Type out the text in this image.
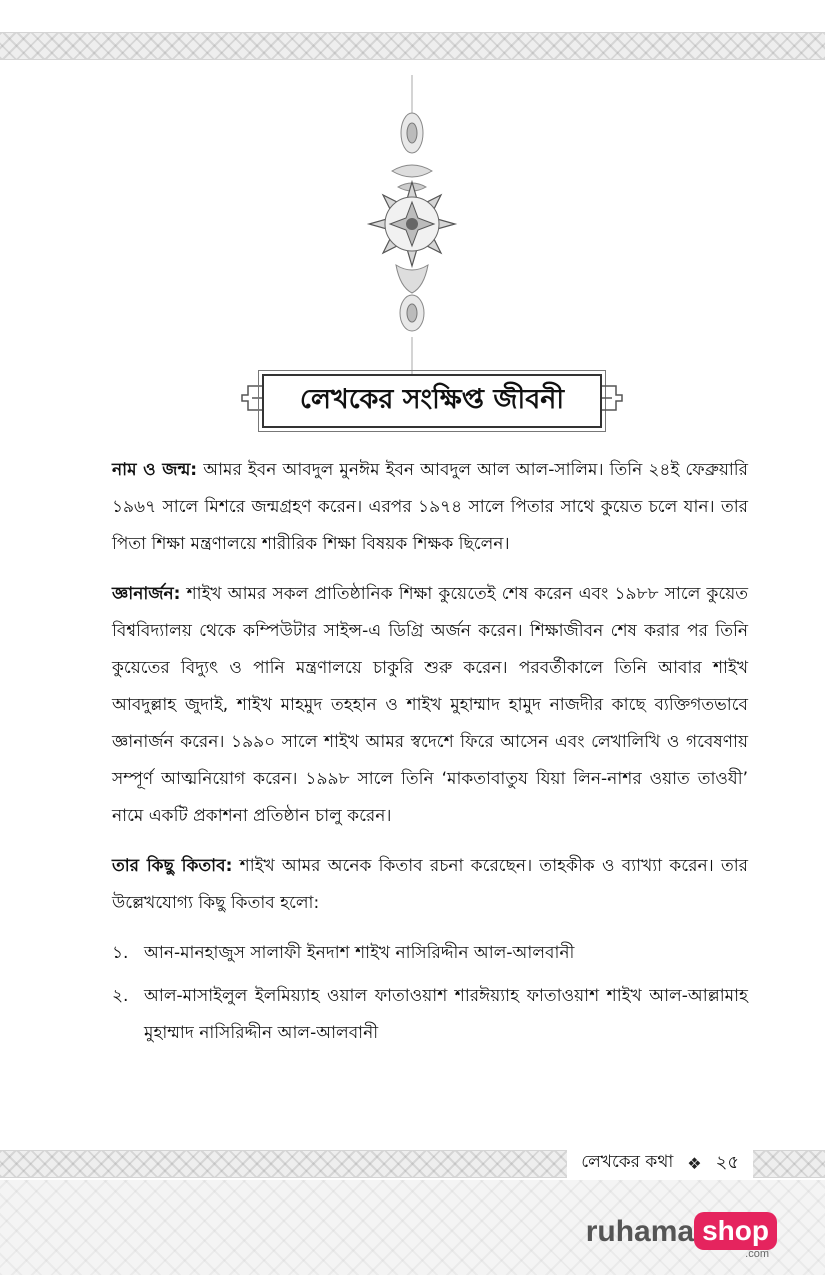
লেখকের সংক্ষিপ্ত জীবনী

নাম ও জন্ম: আমর ইবন আবদুল মুনঈম ইবন আবদুল আল আল-সালিম। তিনি ২৪ই ফেব্রুয়ারি ১৯৬৭ সালে মিশরে জন্মগ্রহণ করেন। এরপর ১৯৭৪ সালে পিতার সাথে কুয়েত চলে যান। তার পিতা শিক্ষা মন্ত্রণালয়ে শারীরিক শিক্ষা বিষয়ক শিক্ষক ছিলেন।

জ্ঞানার্জন: শাইখ আমর সকল প্রাতিষ্ঠানিক শিক্ষা কুয়েতেই শেষ করেন এবং ১৯৮৮ সালে কুয়েত বিশ্ববিদ্যালয় থেকে কম্পিউটার সাইন্স-এ ডিগ্রি অর্জন করেন। শিক্ষাজীবন শেষ করার পর তিনি কুয়েতের বিদ্যুৎ ও পানি মন্ত্রণালয়ে চাকুরি শুরু করেন। পরবর্তীকালে তিনি আবার শাইখ আবদুল্লাহ জুদাই, শাইখ মাহমুদ তহহান ও শাইখ মুহাম্মাদ হামুদ নাজদীর কাছে ব্যক্তিগতভাবে জ্ঞানার্জন করেন। ১৯৯০ সালে শাইখ আমর স্বদেশে ফিরে আসেন এবং লেখালিখি ও গবেষণায় সম্পূর্ণ আত্মনিয়োগ করেন। ১৯৯৮ সালে তিনি ‘মাকতাবাতুয যিয়া লিন-নাশর ওয়াত তাওযী’ নামে একটি প্রকাশনা প্রতিষ্ঠান চালু করেন।

তার কিছু কিতাব: শাইখ আমর অনেক কিতাব রচনা করেছেন। তাহকীক ও ব্যাখ্যা করেন। তার উল্লেখযোগ্য কিছু কিতাব হলো:

১. আন-মানহাজুস সালাফী ইনদাশ শাইখ নাসিরিদ্দীন আল-আলবানী
২. আল-মাসাইলুল ইলমিয়্যাহ ওয়াল ফাতাওয়াশ শারঈয়্যাহ ফাতাওয়াশ শাইখ আল-আল্লামাহ মুহাম্মাদ নাসিরিদ্দীন আল-আলবানী
লেখকের কথা ❖ ২৫
ruhama shop
.com
